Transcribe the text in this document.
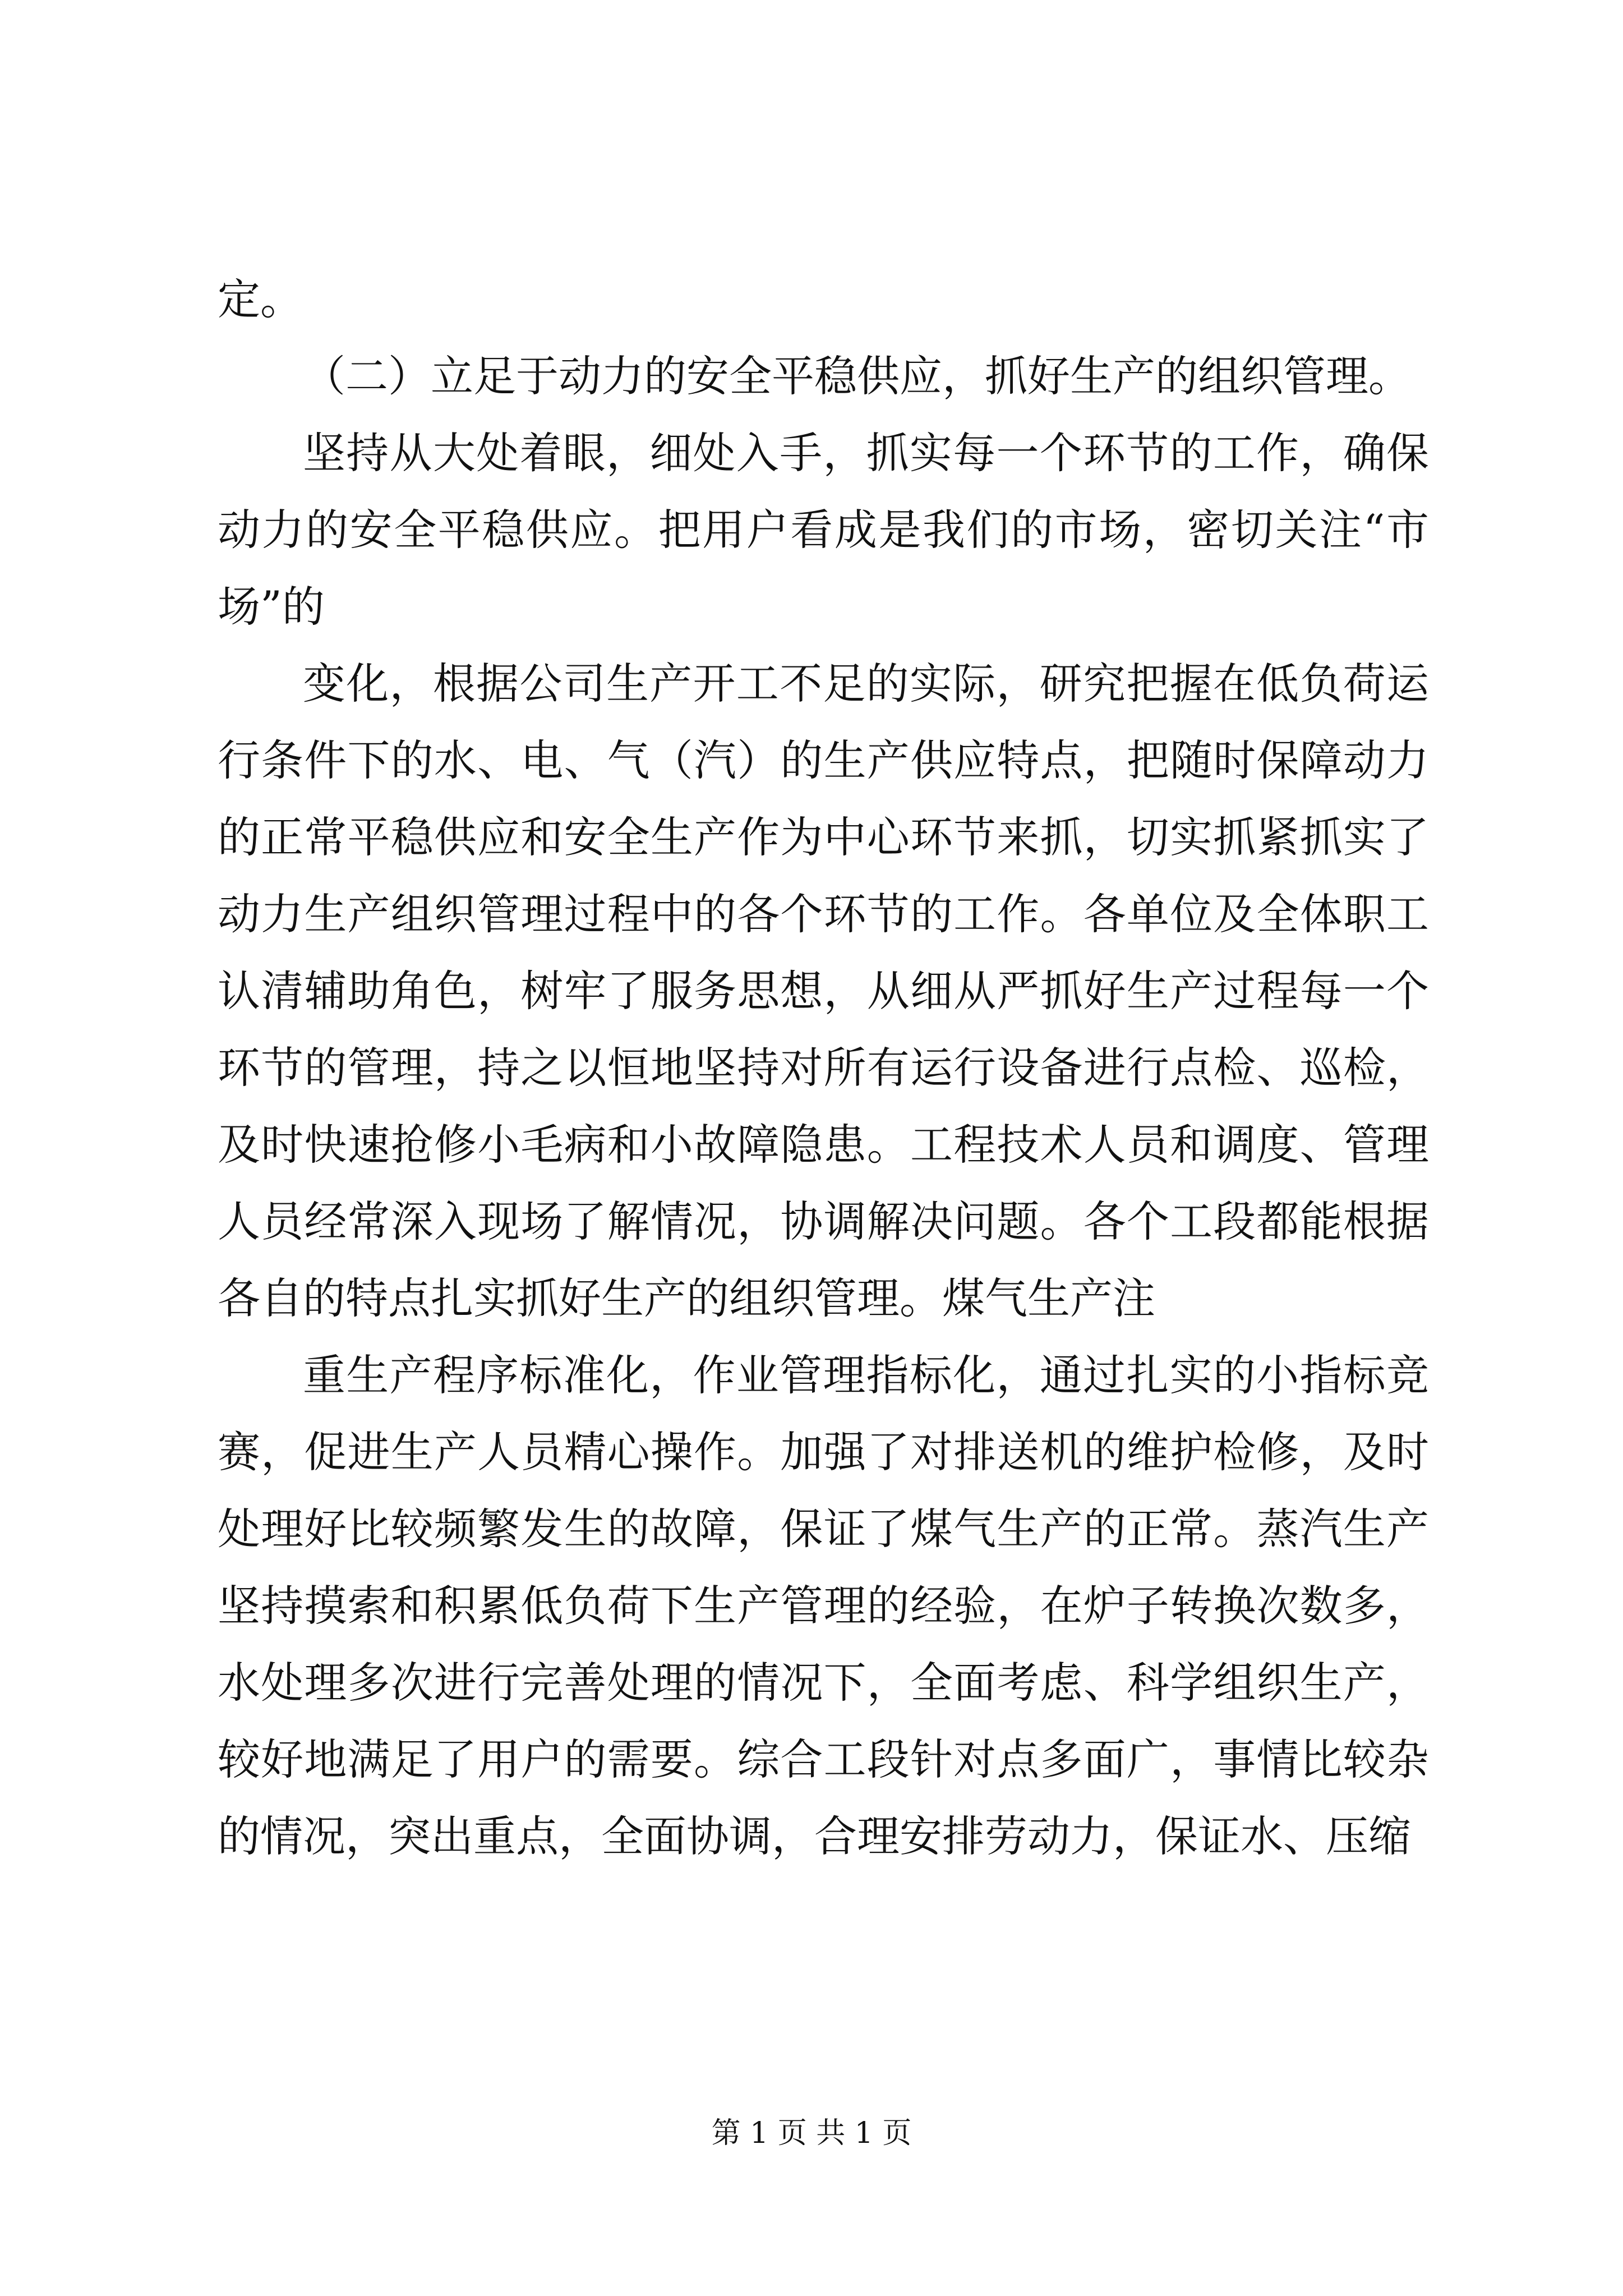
定。

（二）立足于动力的安全平稳供应，抓好生产的组织管理。

坚持从大处着眼，细处入手，抓实每一个环节的工作，确保动力的安全平稳供应。把用户看成是我们的市场，密切关注“市场”的

变化，根据公司生产开工不足的实际，研究把握在低负荷运行条件下的水、电、气（汽）的生产供应特点，把随时保障动力的正常平稳供应和安全生产作为中心环节来抓，切实抓紧抓实了动力生产组织管理过程中的各个环节的工作。各单位及全体职工认清辅助角色，树牢了服务思想，从细从严抓好生产过程每一个环节的管理，持之以恒地坚持对所有运行设备进行点检、巡检，及时快速抢修小毛病和小故障隐患。工程技术人员和调度、管理人员经常深入现场了解情况，协调解决问题。各个工段都能根据各自的特点扎实抓好生产的组织管理。煤气生产注

重生产程序标准化，作业管理指标化，通过扎实的小指标竞赛，促进生产人员精心操作。加强了对排送机的维护检修，及时处理好比较频繁发生的故障，保证了煤气生产的正常。蒸汽生产坚持摸索和积累低负荷下生产管理的经验，在炉子转换次数多，水处理多次进行完善处理的情况下，全面考虑、科学组织生产，较好地满足了用户的需要。综合工段针对点多面广，事情比较杂的情况，突出重点，全面协调，合理安排劳动力，保证水、压缩

第 1 页 共 1 页
